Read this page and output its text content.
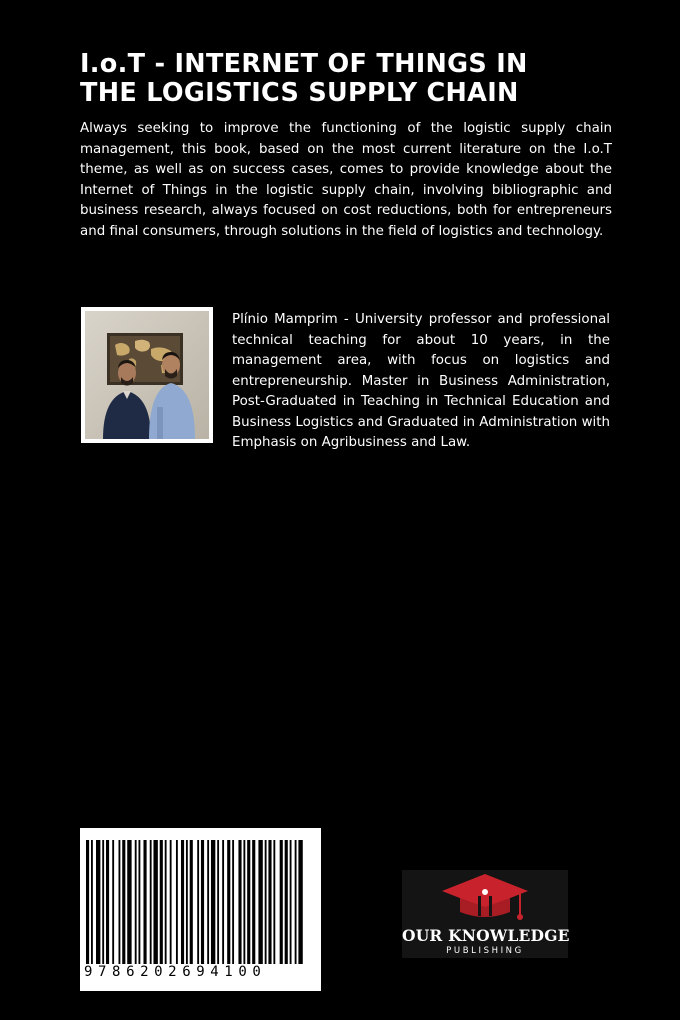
I.o.T - INTERNET OF THINGS IN
THE LOGISTICS SUPPLY CHAIN

Always seeking to improve the functioning of the logistic supply chain management, this book, based on the most current literature on the I.o.T theme, as well as on success cases, comes to provide knowledge about the Internet of Things in the logistic supply chain, involving bibliographic and business research, always focused on cost reductions, both for entrepreneurs and final consumers, through solutions in the field of logistics and technology.

Plínio Mamprim - University professor and professional technical teaching for about 10 years, in the management area, with focus on logistics and entrepreneurship. Master in Business Administration, Post-Graduated in Teaching in Technical Education and Business Logistics and Graduated in Administration with Emphasis on Agribusiness and Law.

9786202694100
OUR KNOWLEDGE
PUBLISHING
